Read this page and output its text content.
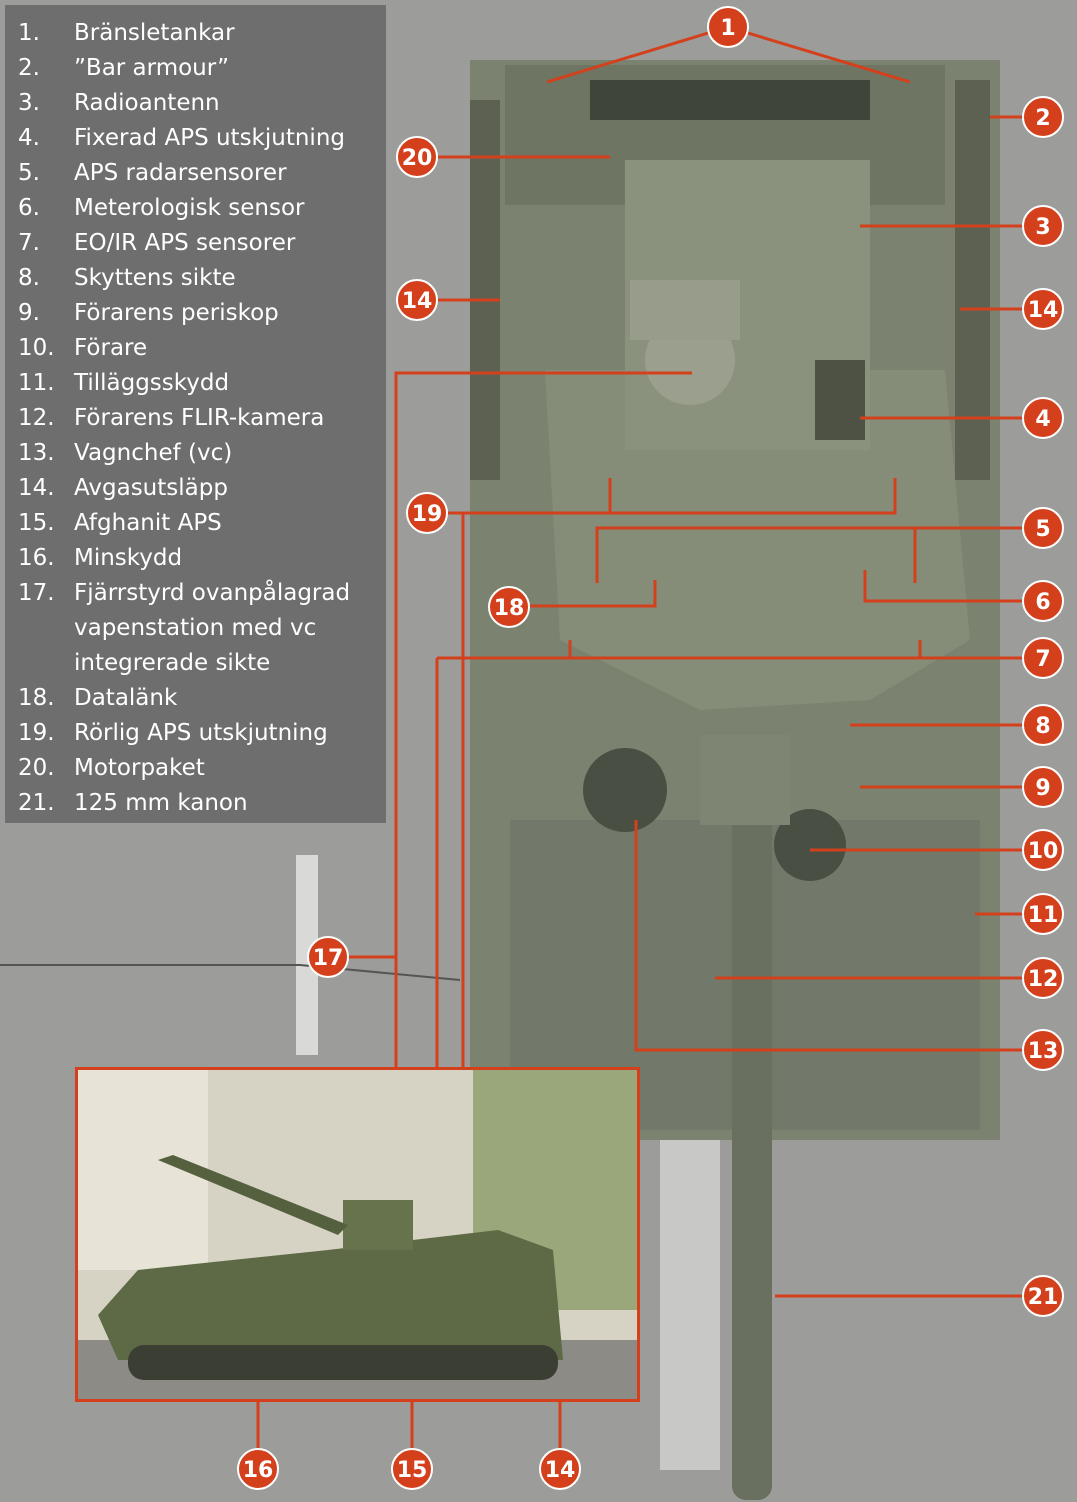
1. Bränsletankar
2. ”Bar armour”
3. Radioantenn
4. Fixerad APS utskjutning
5. APS radarsensorer
6. Meterologisk sensor
7. EO/IR APS sensorer
8. Skyttens sikte
9. Förarens periskop
10. Förare
11. Tilläggsskydd
12. Förarens FLIR-kamera
13. Vagnchef (vc)
14. Avgasutsläpp
15. Afghanit APS
16. Minskydd
17. Fjärrstyrd ovanpålagrad
vapenstation med vc
integrerade sikte
18. Datalänk
19. Rörlig APS utskjutning
20. Motorpaket
21. 125 mm kanon
1
2
20
3
14	14
4
19
5
6
18
7
8
9
10
11
17
12
13
21
16	15	14
